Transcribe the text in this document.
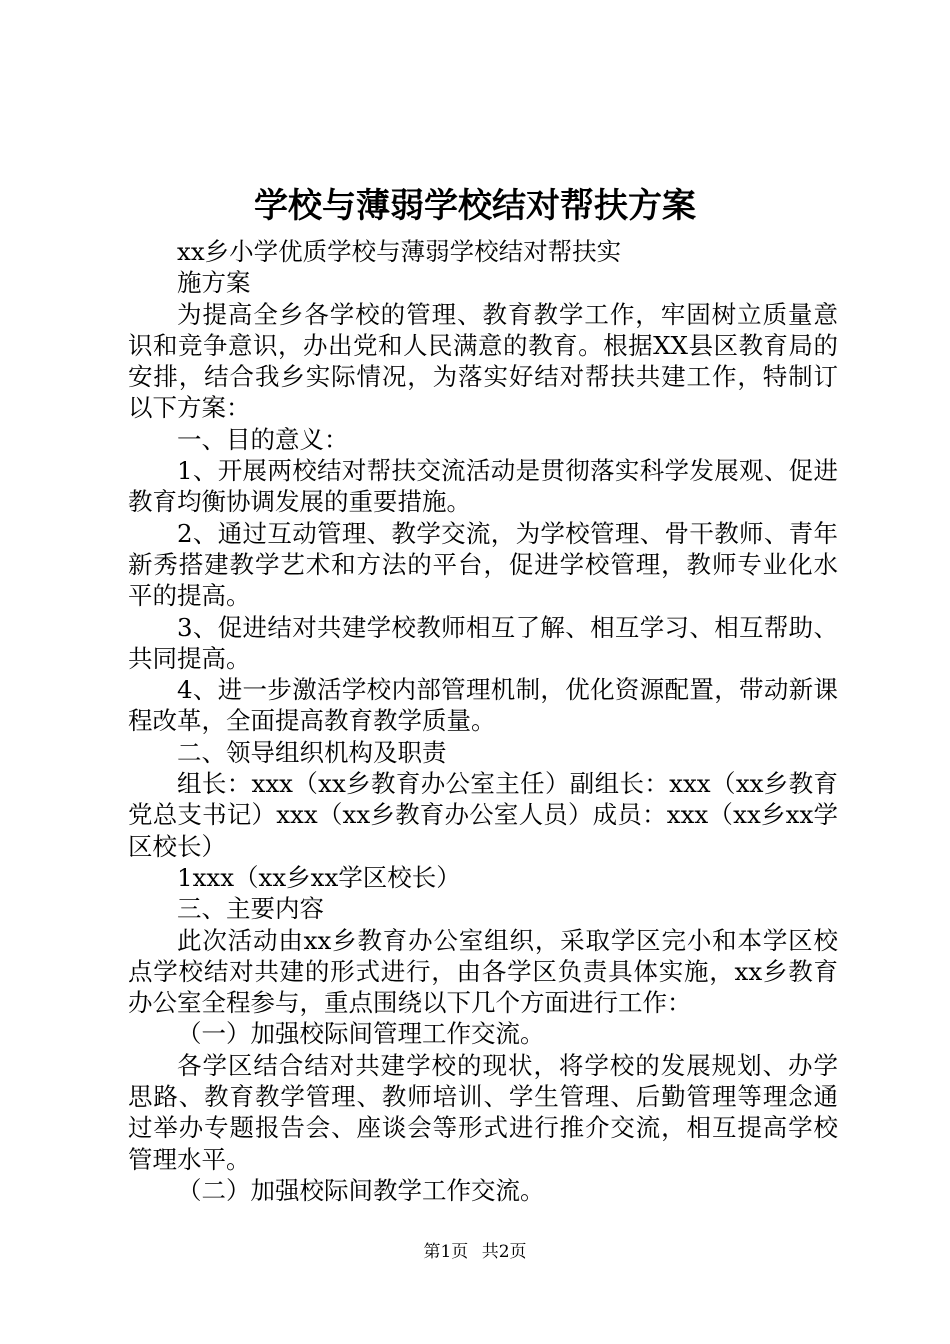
学校与薄弱学校结对帮扶方案

xx乡小学优质学校与薄弱学校结对帮扶实

施方案

为提高全乡各学校的管理、教育教学工作，牢固树立质量意识和竞争意识，办出党和人民满意的教育。根据XX县区教育局的安排，结合我乡实际情况，为落实好结对帮扶共建工作，特制订以下方案：

一、目的意义：

1、开展两校结对帮扶交流活动是贯彻落实科学发展观、促进教育均衡协调发展的重要措施。

2、通过互动管理、教学交流，为学校管理、骨干教师、青年新秀搭建教学艺术和方法的平台，促进学校管理，教师专业化水平的提高。

3、促进结对共建学校教师相互了解、相互学习、相互帮助、共同提高。

4、进一步激活学校内部管理机制，优化资源配置，带动新课程改革，全面提高教育教学质量。

二、领导组织机构及职责

组长：xxx（xx乡教育办公室主任）副组长：xxx（xx乡教育党总支书记）xxx（xx乡教育办公室人员）成员：xxx（xx乡xx学区校长）

1xxx（xx乡xx学区校长）

三、主要内容

此次活动由xx乡教育办公室组织，采取学区完小和本学区校点学校结对共建的形式进行，由各学区负责具体实施，xx乡教育办公室全程参与，重点围绕以下几个方面进行工作：

（一）加强校际间管理工作交流。

各学区结合结对共建学校的现状，将学校的发展规划、办学思路、教育教学管理、教师培训、学生管理、后勤管理等理念通过举办专题报告会、座谈会等形式进行推介交流，相互提高学校管理水平。

（二）加强校际间教学工作交流。

第1页 共2页
